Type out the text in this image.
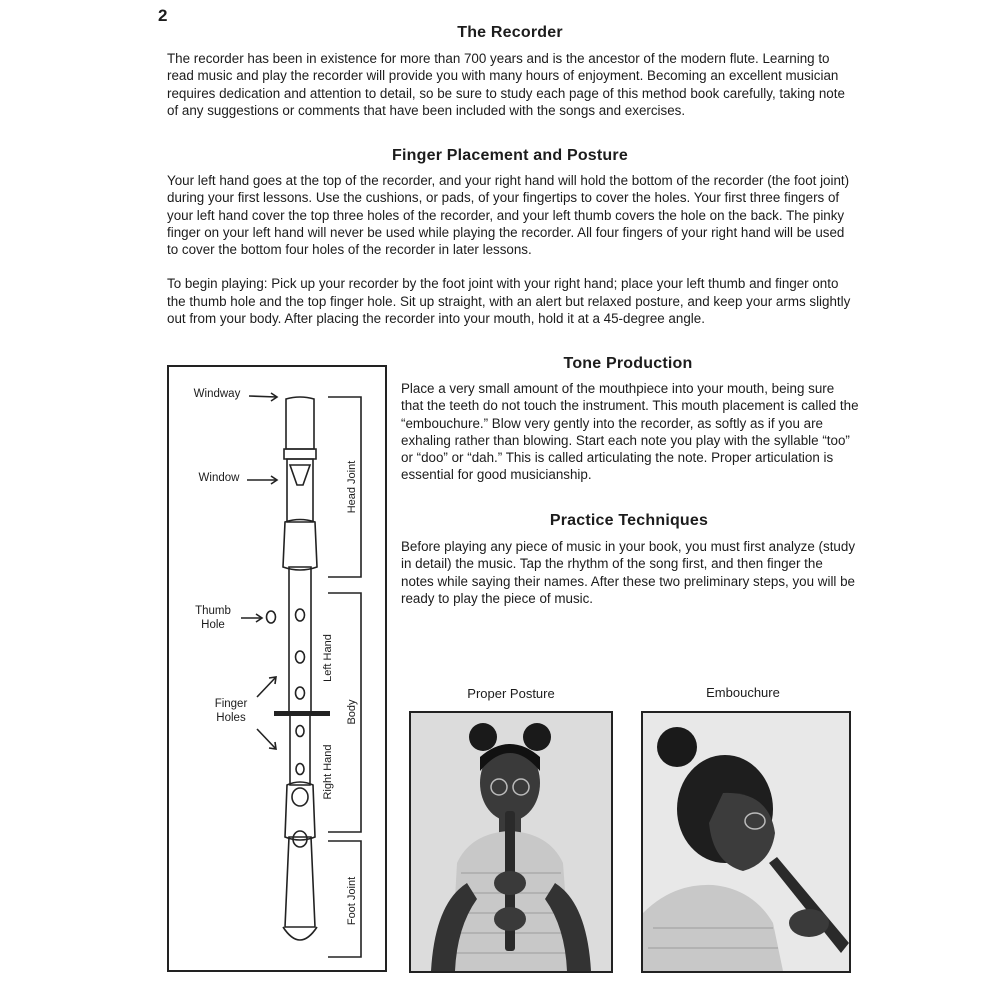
2
The Recorder

The recorder has been in existence for more than 700 years and is the ancestor of the modern flute. Learning to read music and play the recorder will provide you with many hours of enjoyment. Becoming an excellent musician requires dedication and attention to detail, so be sure to study each page of this method book carefully, taking note of any suggestions or comments that have been included with the songs and exercises.

Finger Placement and Posture

Your left hand goes at the top of the recorder, and your right hand will hold the bottom of the recorder (the foot joint) during your first lessons. Use the cushions, or pads, of your fingertips to cover the holes. Your first three fingers of your left hand cover the top three holes of the recorder, and your left thumb covers the hole on the back. The pinky finger on your left hand will never be used while playing the recorder. All four fingers of your right hand will be used to cover the bottom four holes of the recorder in later lessons.

To begin playing: Pick up your recorder by the foot joint with your right hand; place your left thumb and finger onto the thumb hole and the top finger hole. Sit up straight, with an alert but relaxed posture, and keep your arms slightly out from your body. After placing the recorder into your mouth, hold it at a 45-degree angle.

Tone Production

Place a very small amount of the mouthpiece into your mouth, being sure that the teeth do not touch the instrument. This mouth placement is called the “embouchure.” Blow very gently into the recorder, as softly as if you are exhaling rather than blowing. Start each note you play with the syllable “too” or “doo” or “dah.” This is called articulating the note. Proper articulation is essential for good musicianship.

Practice Techniques

Before playing any piece of music in your book, you must first analyze (study in detail) the music. Tap the rhythm of the song first, and then finger the notes while saying their names. After these two preliminary steps, you will be ready to play the piece of music.

Windway
Window
Thumb
Hole
Finger
Holes
Head Joint
Body
Left Hand
Right Hand
Foot Joint
Proper Posture	Embouchure
